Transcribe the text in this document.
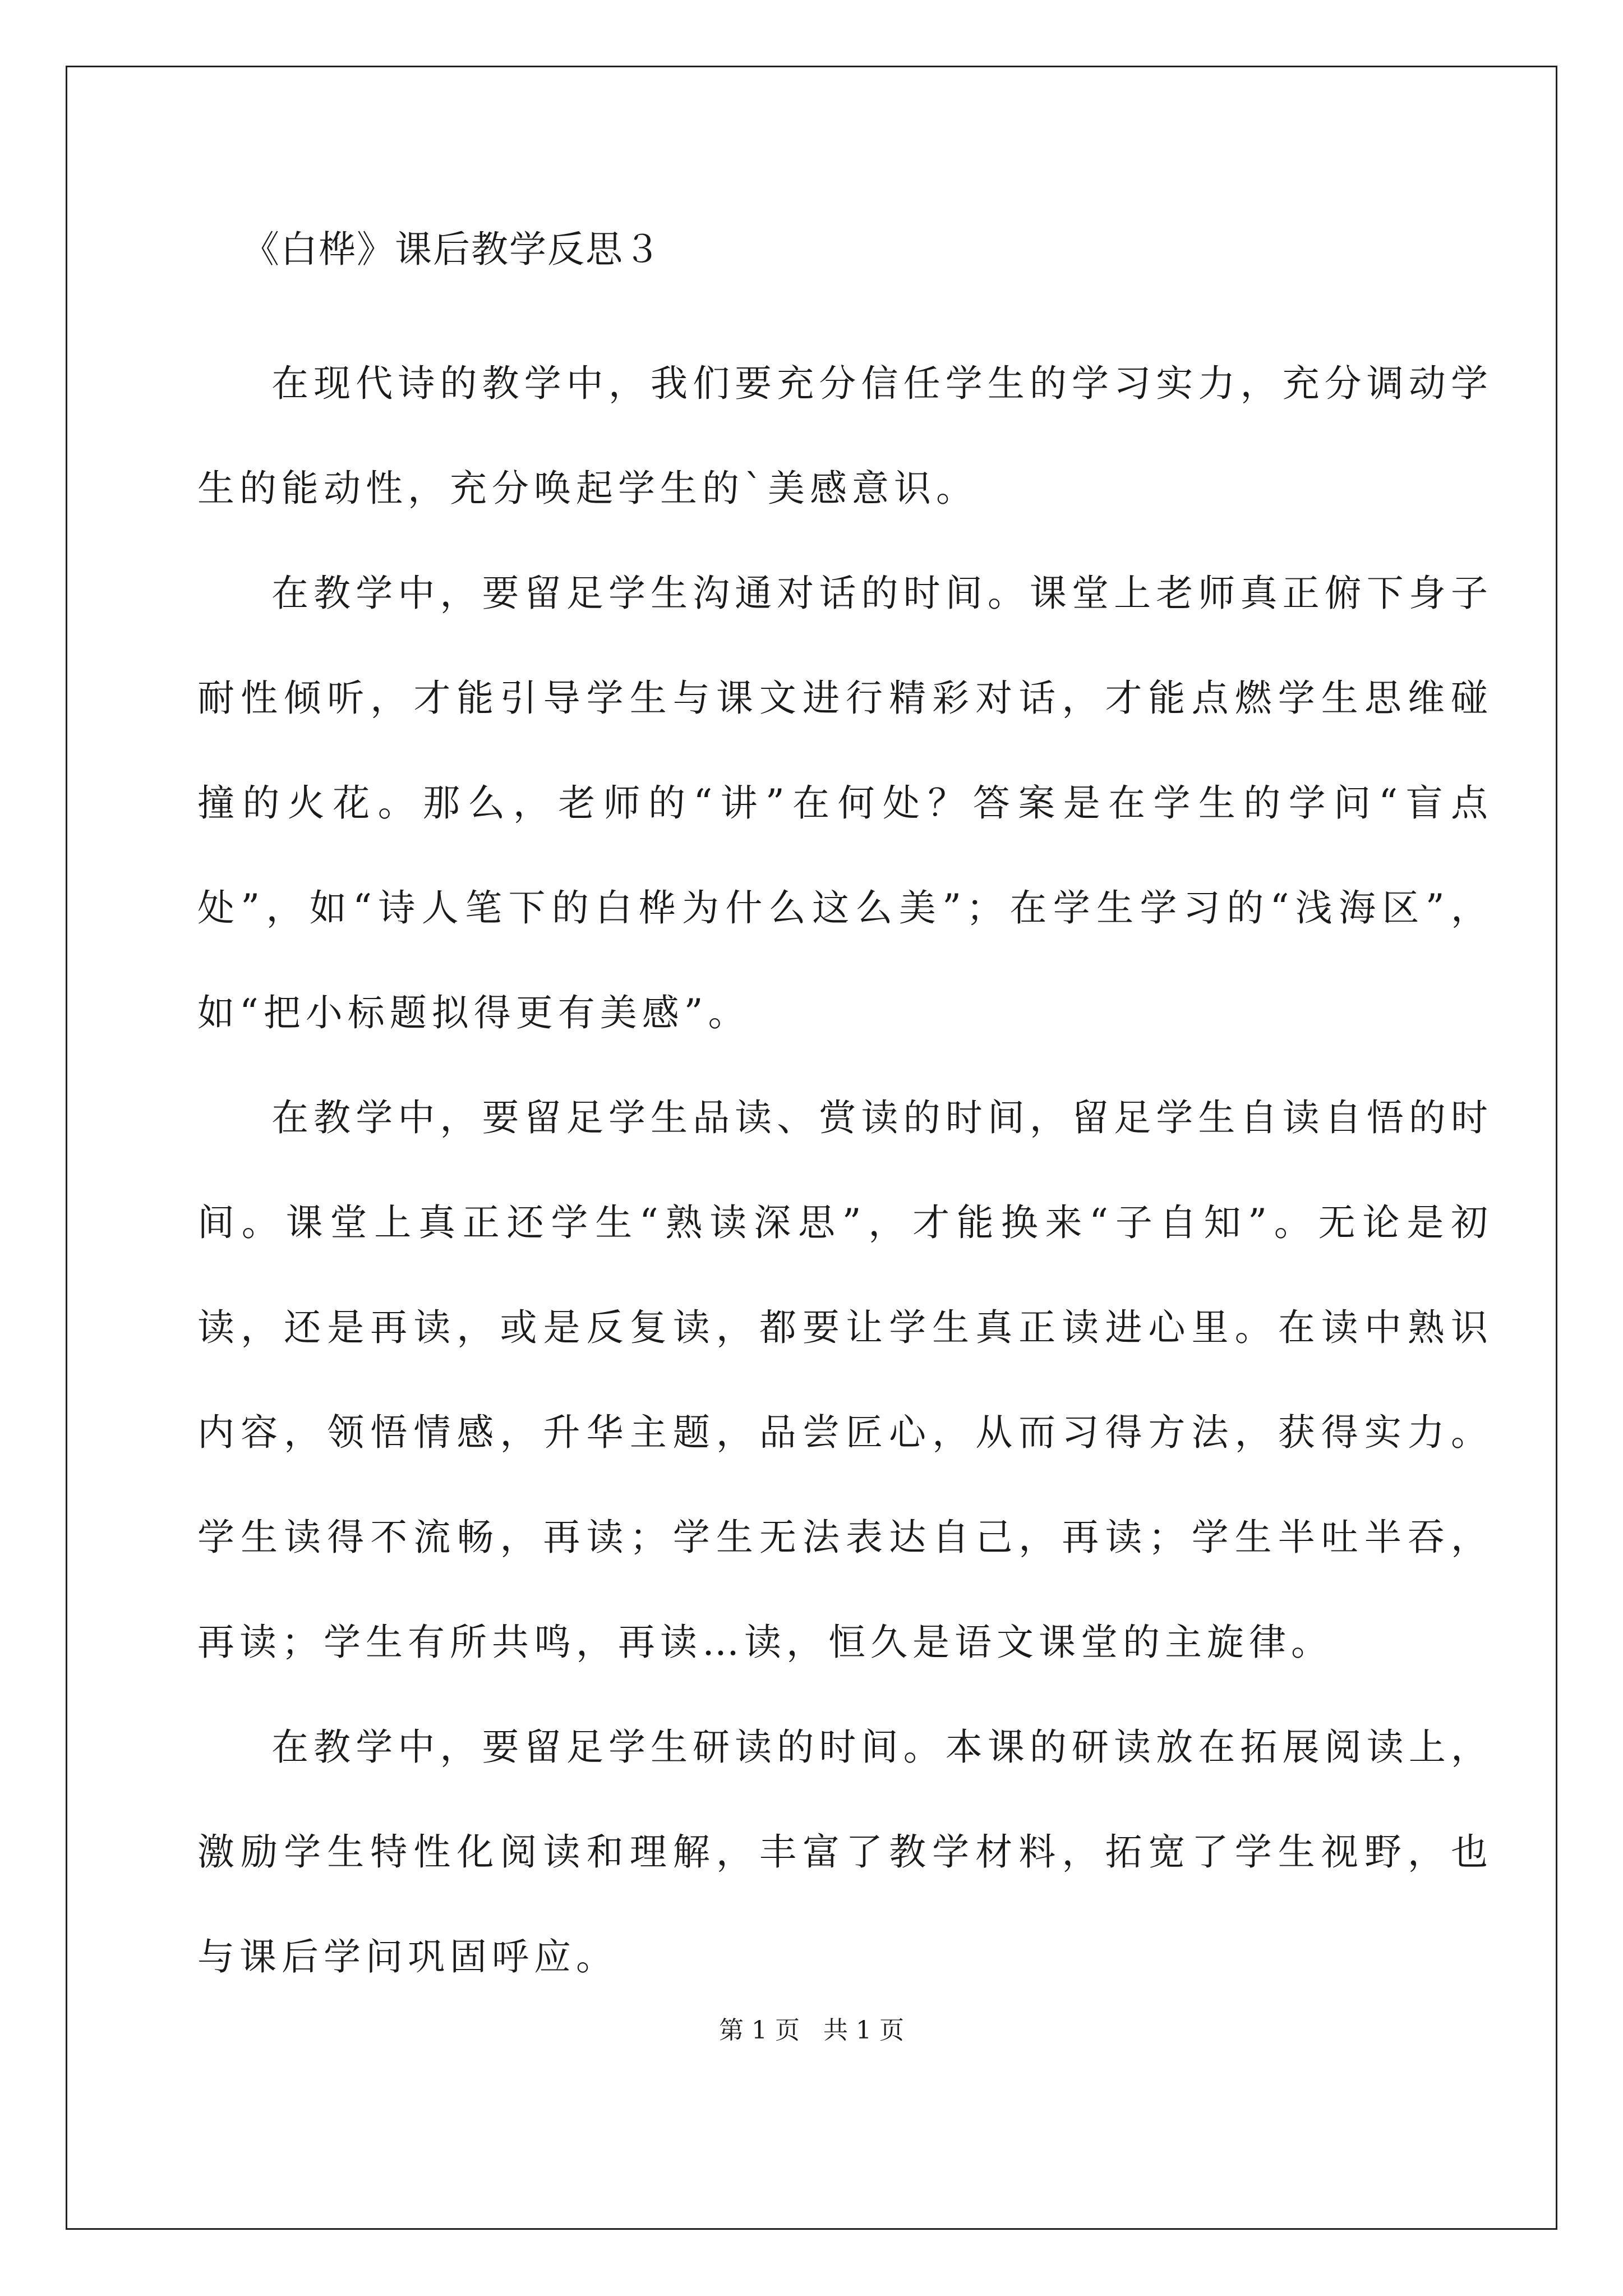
《白桦》课后教学反思３

在现代诗的教学中，我们要充分信任学生的学习实力，充分调动学生的能动性，充分唤起学生的`美感意识。

在教学中，要留足学生沟通对话的时间。课堂上老师真正俯下身子耐性倾听，才能引导学生与课文进行精彩对话，才能点燃学生思维碰撞的火花。那么，老师的“讲”在何处？答案是在学生的学问“盲点处”，如“诗人笔下的白桦为什么这么美”；在学生学习的“浅海区”，如“把小标题拟得更有美感”。

在教学中，要留足学生品读、赏读的时间，留足学生自读自悟的时间。课堂上真正还学生“熟读深思”，才能换来“子自知”。无论是初读，还是再读，或是反复读，都要让学生真正读进心里。在读中熟识内容，领悟情感，升华主题，品尝匠心，从而习得方法，获得实力。学生读得不流畅，再读；学生无法表达自己，再读；学生半吐半吞，再读；学生有所共鸣，再读…读，恒久是语文课堂的主旋律。

在教学中，要留足学生研读的时间。本课的研读放在拓展阅读上，激励学生特性化阅读和理解，丰富了教学材料，拓宽了学生视野，也与课后学问巩固呼应。

第 1 页   共 1 页
